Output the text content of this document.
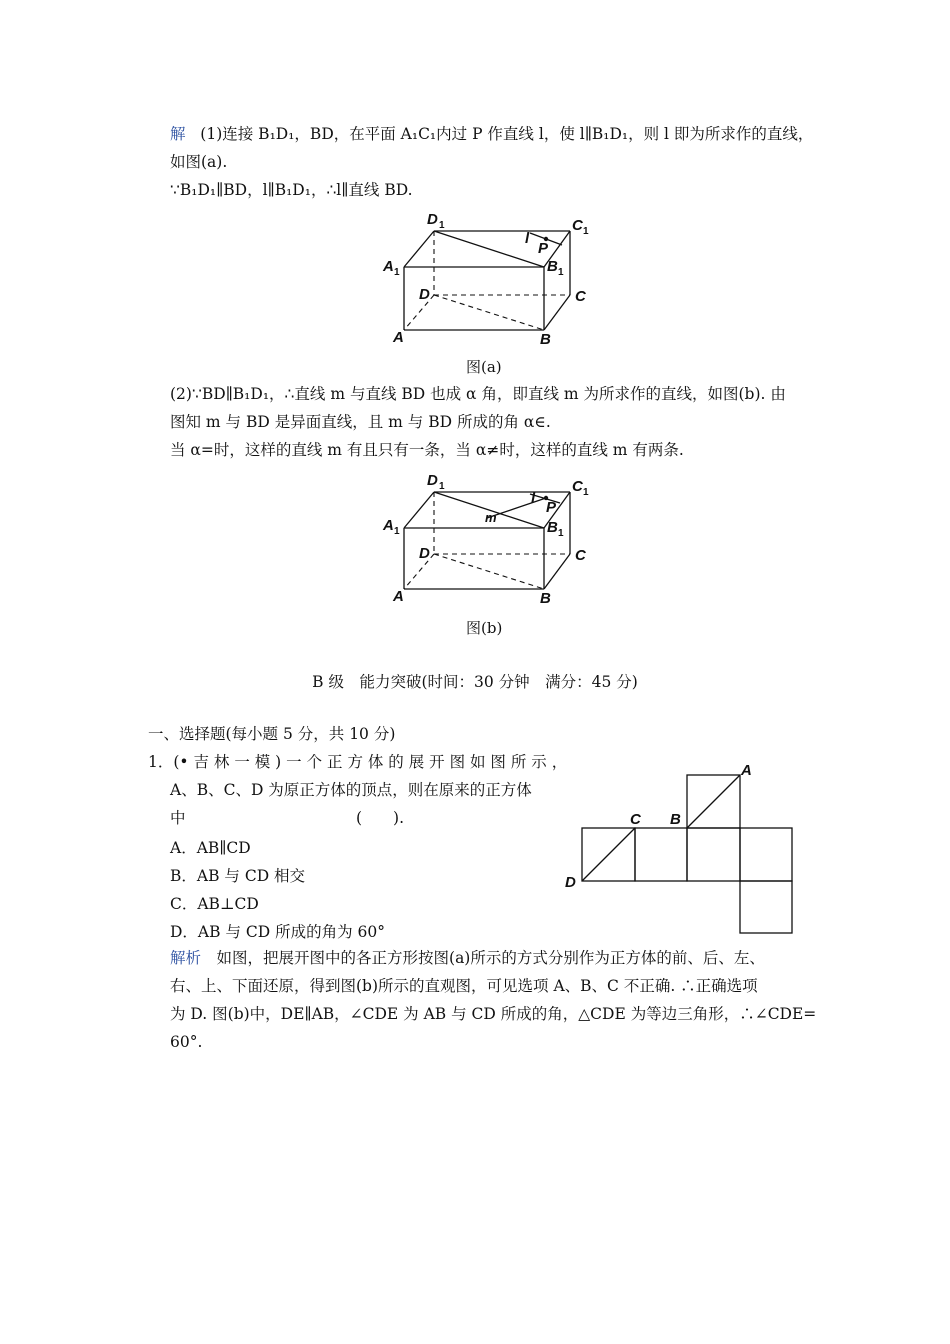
解 (1)连接 B₁D₁，BD，在平面 A₁C₁内过 P 作直线 l，使 l∥B₁D₁，则 l 即为所求作的直线，
如图(a).
∵B₁D₁∥BD，l∥B₁D₁，∴l∥直线 BD.
D 1	C 1
A 1	B 1
l
P
D	C
A	B
图(a)
(2)∵BD∥B₁D₁，∴直线 m 与直线 BD 也成 α 角，即直线 m 为所求作的直线，如图(b). 由
图知 m 与 BD 是异面直线，且 m 与 BD 所成的角 α∈.
当 α=时，这样的直线 m 有且只有一条，当 α≠时，这样的直线 m 有两条.
D 1	C 1
A 1	B 1
l
P
m
D	C
A	B
图(b)
B 级　能力突破(时间：30 分钟　满分：45 分)
一、选择题(每小题 5 分，共 10 分)
1．(• 吉 林 一 模 ) 一 个 正 方 体 的 展 开 图 如 图 所 示 ，
A、B、C、D 为原正方体的顶点，则在原来的正方体
中　　　　　　　　　　　(　　).
A．AB∥CD
B．AB 与 CD 相交
C．AB⊥CD
D．AB 与 CD 所成的角为 60°
A
B
C
D
解析　如图，把展开图中的各正方形按图(a)所示的方式分别作为正方体的前、后、左、
右、上、下面还原，得到图(b)所示的直观图，可见选项 A、B、C 不正确. ∴正确选项
为 D. 图(b)中，DE∥AB，∠CDE 为 AB 与 CD 所成的角，△CDE 为等边三角形，∴∠CDE=
60°.
